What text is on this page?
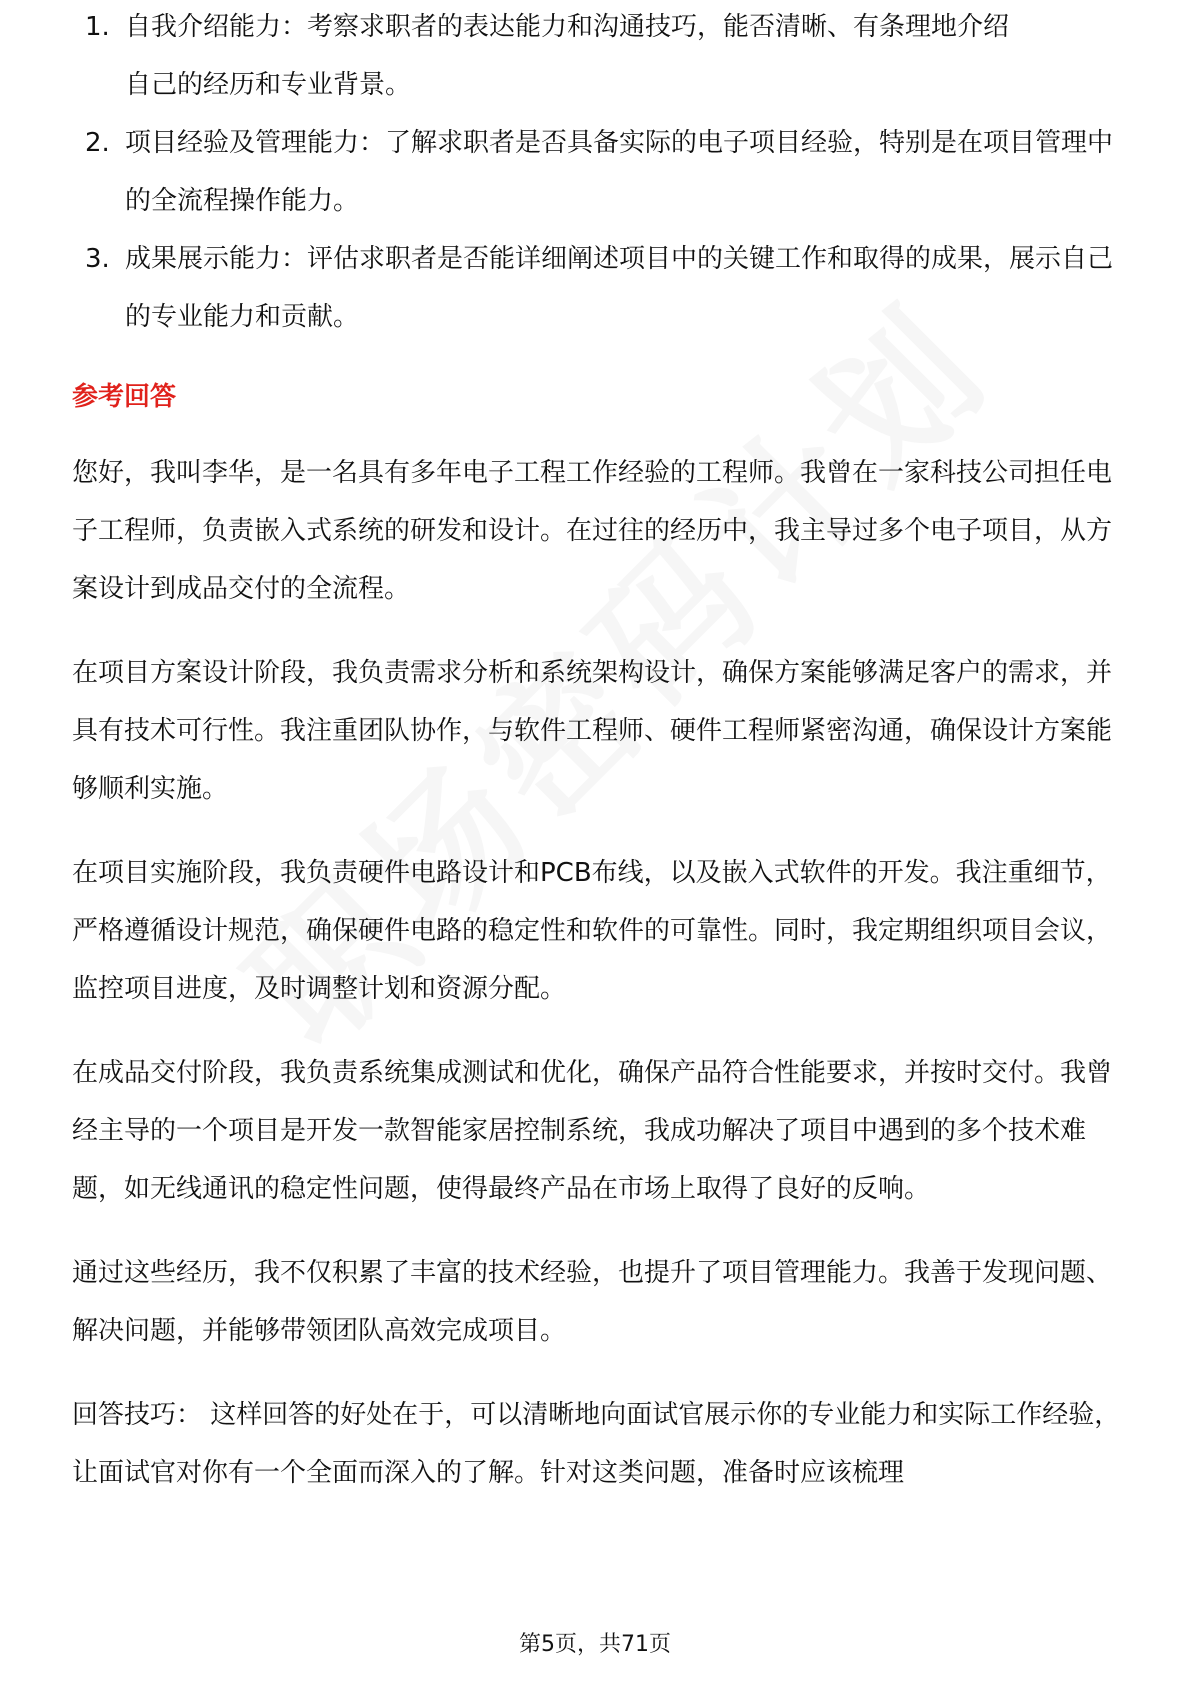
1. 自我介绍能力：考察求职者的表达能力和沟通技巧，能否清晰、有条理地介绍
自己的经历和专业背景。
2. 项目经验及管理能力：了解求职者是否具备实际的电子项目经验，特别是在项目管理中的全流程操作能力。
3. 成果展示能力：评估求职者是否能详细阐述项目中的关键工作和取得的成果，展示自己的专业能力和贡献。
参考回答

您好，我叫李华，是一名具有多年电子工程工作经验的工程师。我曾在一家科技公司担任电子工程师，负责嵌入式系统的研发和设计。在过往的经历中，我主导过多个电子项目，从方案设计到成品交付的全流程。

在项目方案设计阶段，我负责需求分析和系统架构设计，确保方案能够满足客户的需求，并具有技术可行性。我注重团队协作，与软件工程师、硬件工程师紧密沟通，确保设计方案能够顺利实施。

在项目实施阶段，我负责硬件电路设计和PCB布线，以及嵌入式软件的开发。我注重细节，严格遵循设计规范，确保硬件电路的稳定性和软件的可靠性。同时，我定期组织项目会议，监控项目进度，及时调整计划和资源分配。

在成品交付阶段，我负责系统集成测试和优化，确保产品符合性能要求，并按时交付。我曾经主导的一个项目是开发一款智能家居控制系统，我成功解决了项目中遇到的多个技术难题，如无线通讯的稳定性问题，使得最终产品在市场上取得了良好的反响。

通过这些经历，我不仅积累了丰富的技术经验，也提升了项目管理能力。我善于发现问题、解决问题，并能够带领团队高效完成项目。

回答技巧： 这样回答的好处在于，可以清晰地向面试官展示你的专业能力和实际工作经验，让面试官对你有一个全面而深入的了解。针对这类问题，准备时应该梳理

第5页，共71页
